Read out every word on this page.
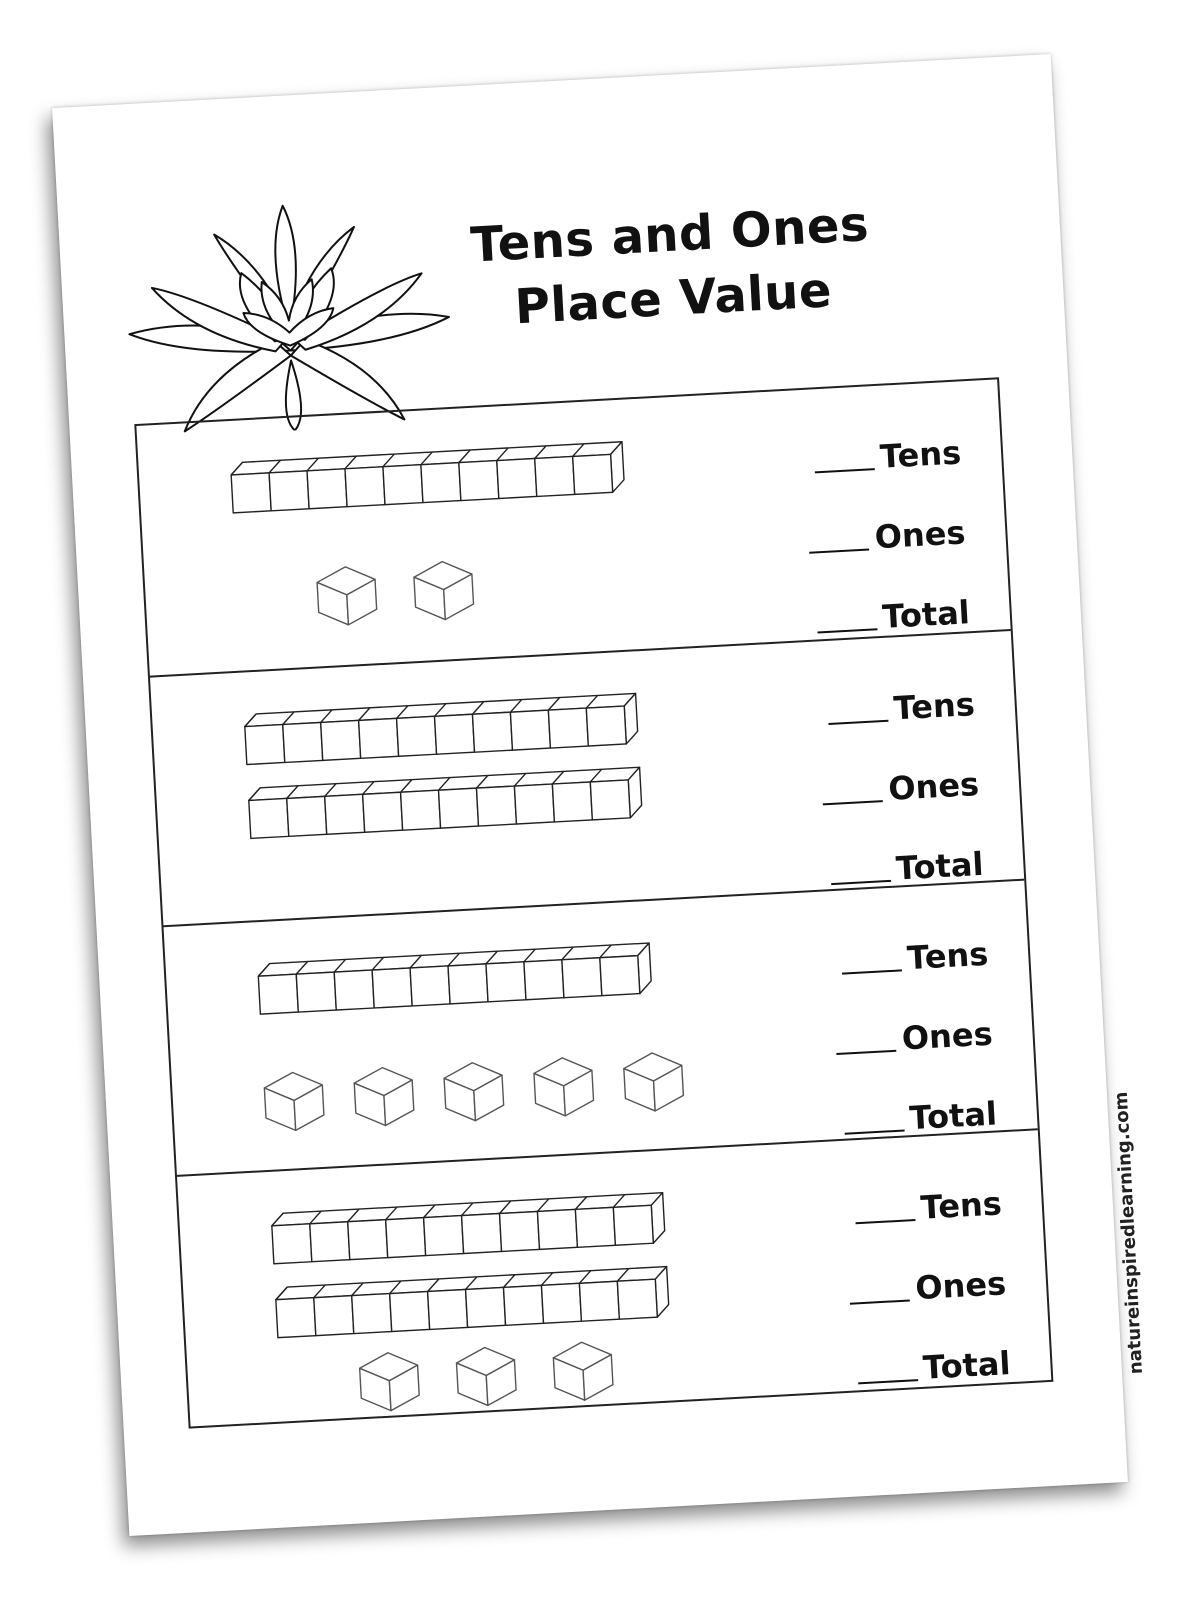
Tens and Ones
Place Value
Tens
Ones
Total
Tens
Ones
Total
Tens
Ones
Total
Tens
Ones
Total	natureinspiredlearning.com
